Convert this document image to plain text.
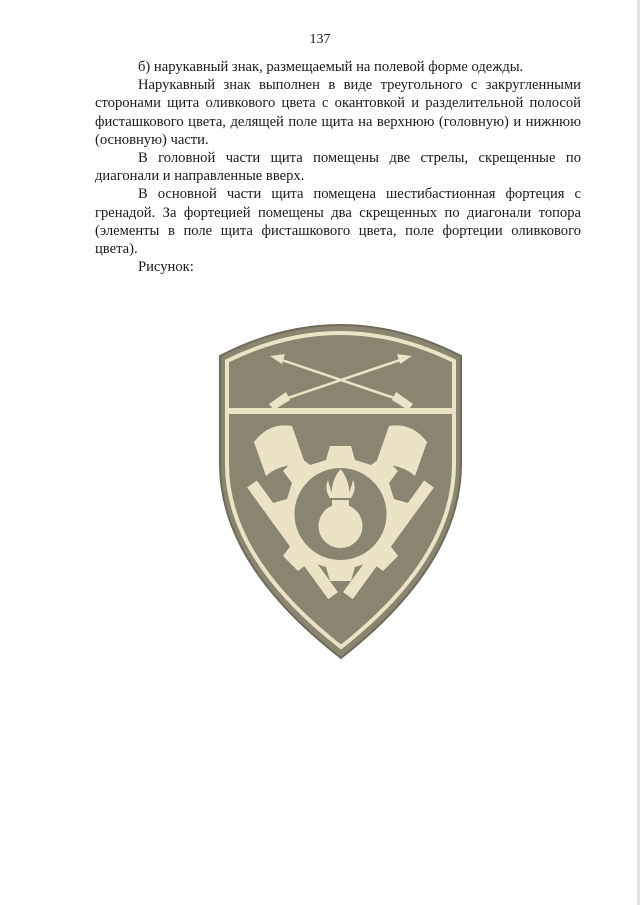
137

б) нарукавный знак, размещаемый на полевой форме одежды.

Нарукавный знак выполнен в виде треугольного с закругленными сторонами щита оливкового цвета с окантовкой и разделительной полосой фисташкового цвета, делящей поле щита на верхнюю (головную) и нижнюю (основную) части.

В головной части щита помещены две стрелы, скрещенные по диагонали и направленные вверх.

В основной части щита помещена шестибастионная фортеция с гренадой. За фортецией помещены два скрещенных по диагонали топора (элементы в поле щита фисташкового цвета, поле фортеции оливкового цвета).

Рисунок:
